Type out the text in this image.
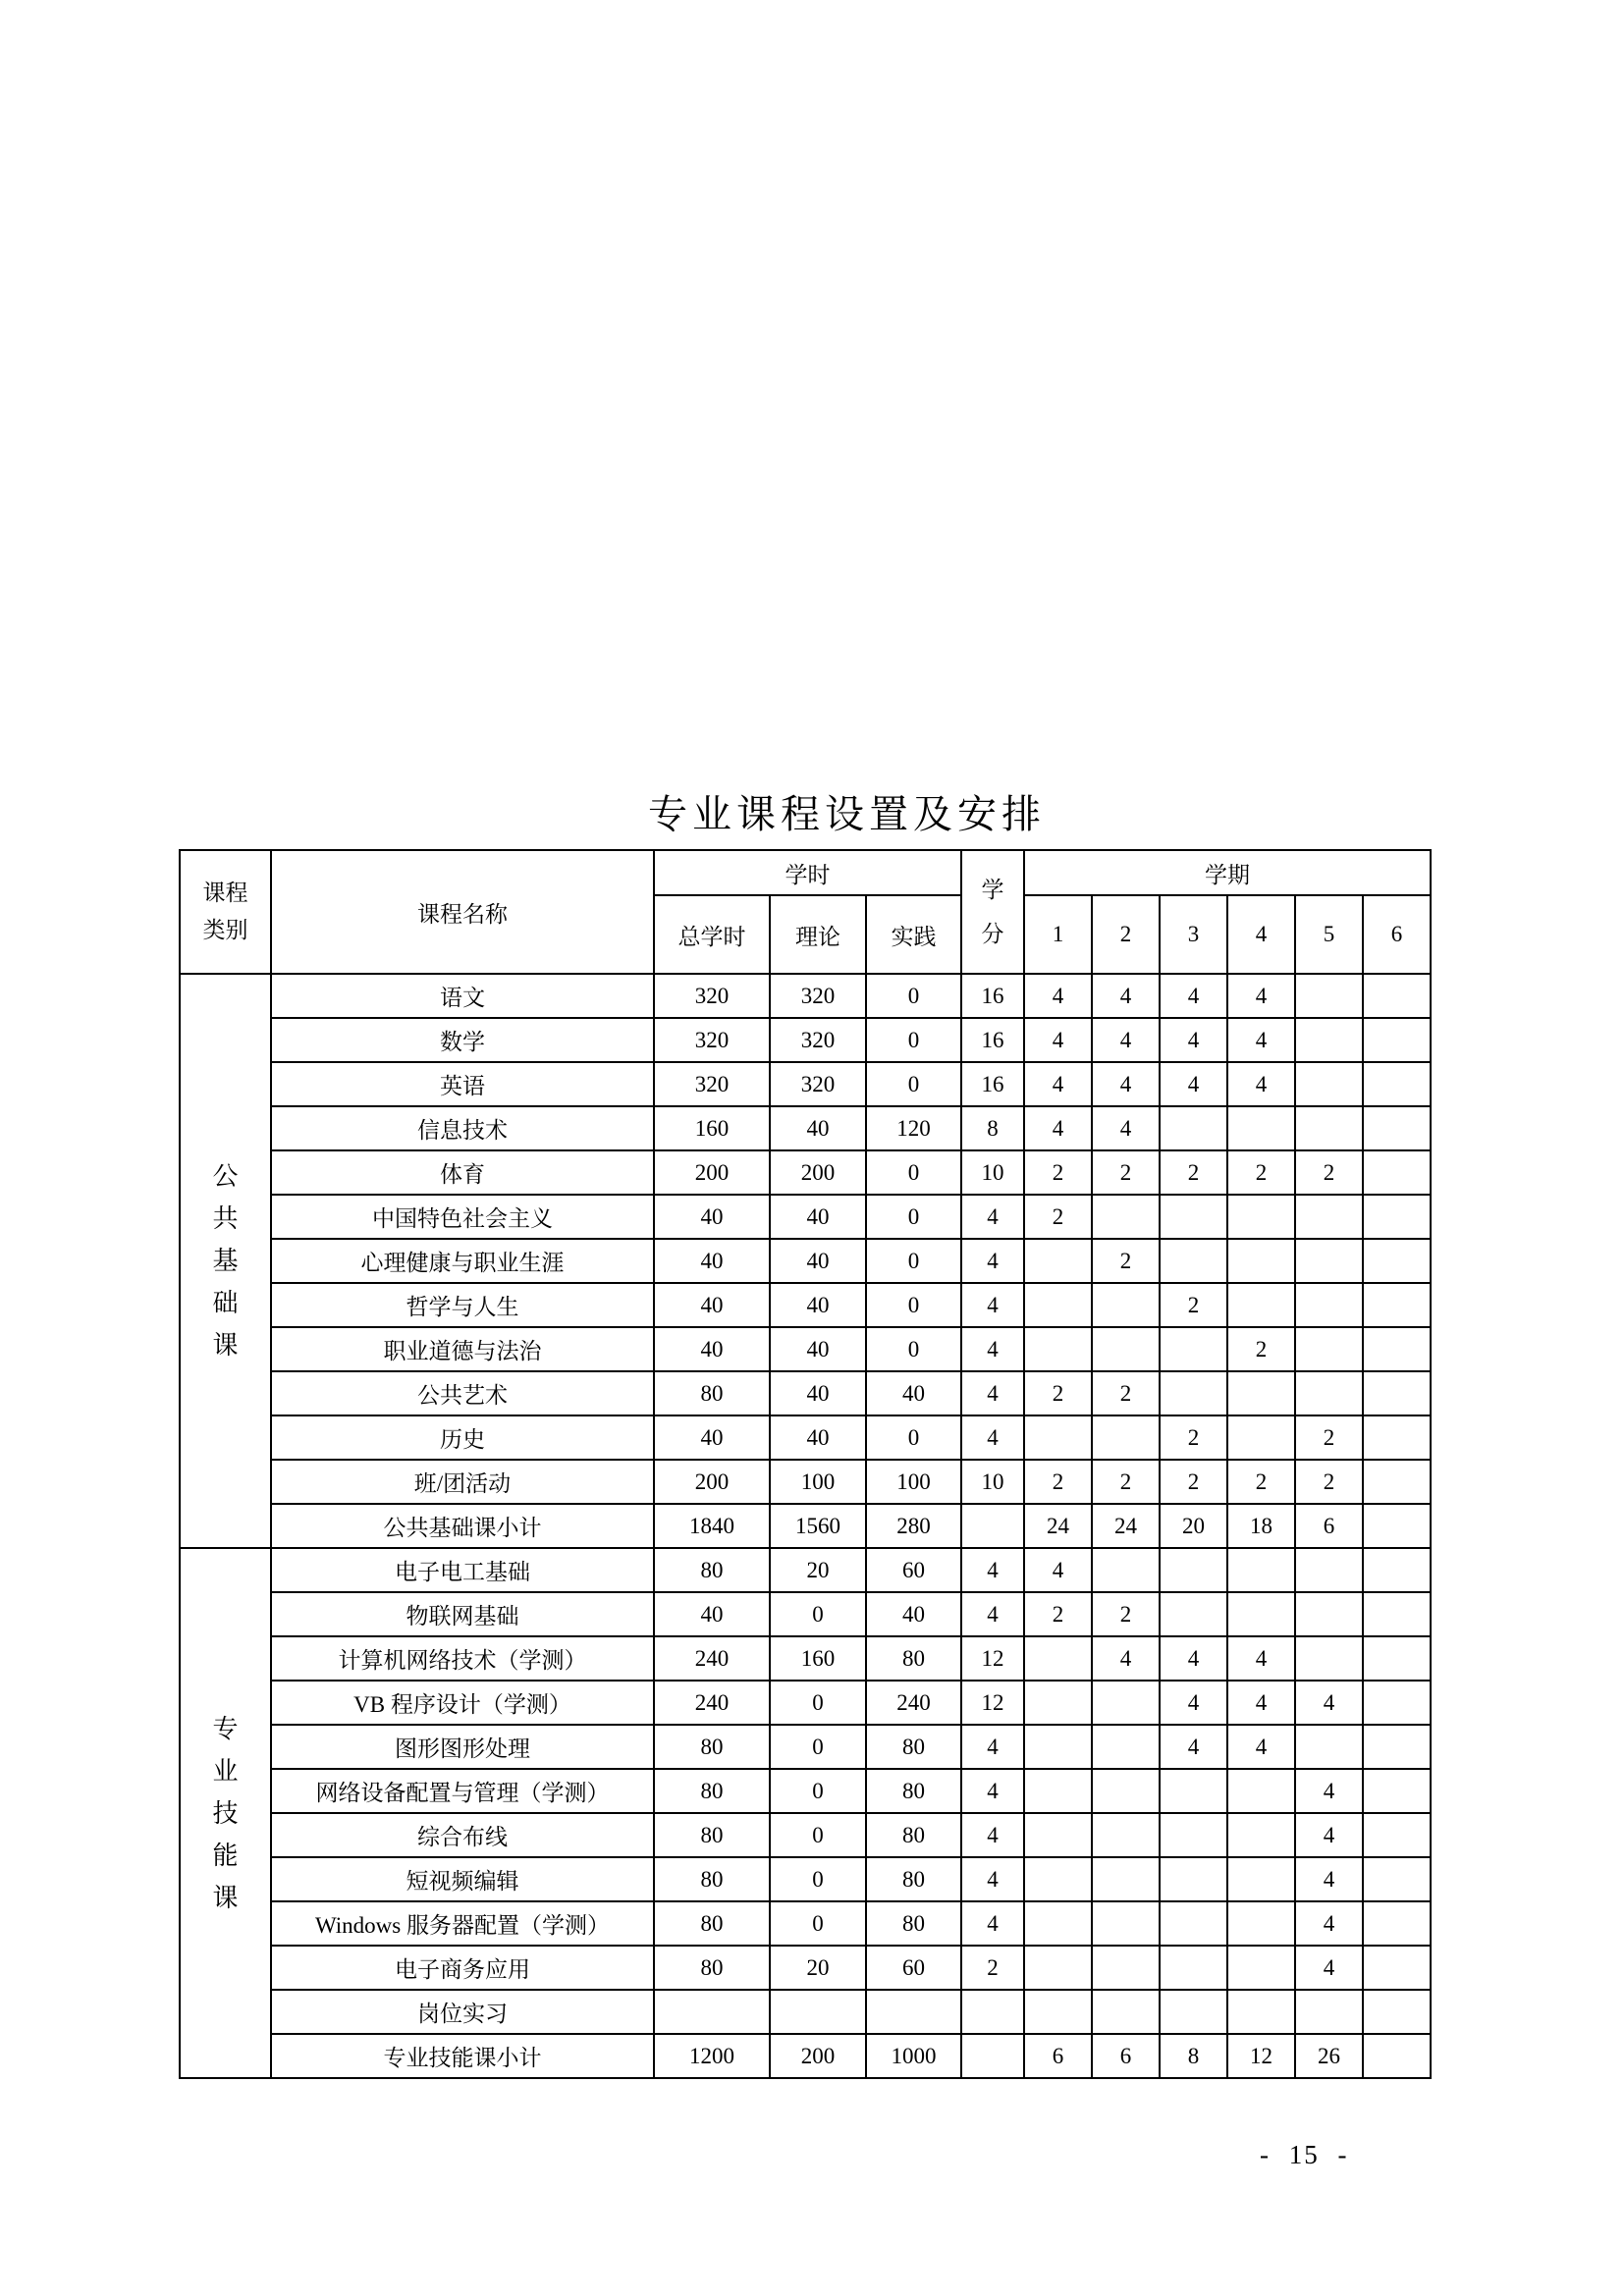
专业课程设置及安排
课程
类别
	课程名称	学时	
学
分
	学期
		总学时	理论	实践		1	2	3	4	5	6

公
共
基
础
课	语文	320	320	0	16	4	4	4	4		
	数学	320	320	0	16	4	4	4	4		
	英语	320	320	0	16	4	4	4	4		
	信息技术	160	40	120	8	4	4				
	体育	200	200	0	10	2	2	2	2	2	
	中国特色社会主义	40	40	0	4	2					
	心理健康与职业生涯	40	40	0	4		2				
	哲学与人生	40	40	0	4			2			
	职业道德与法治	40	40	0	4				2		
	公共艺术	80	40	40	4	2	2				
	历史	40	40	0	4			2		2	
	班/团活动	200	100	100	10	2	2	2	2	2	
	公共基础课小计	1840	1560	280		24	24	20	18	6	

专
业
技
能
课	电子电工基础	80	20	60	4	4					
	物联网基础	40	0	40	4	2	2				
	计算机网络技术（学测）	240	160	80	12		4	4	4		
	VB 程序设计（学测）	240	0	240	12			4	4	4	
	图形图形处理	80	0	80	4			4	4		
	网络设备配置与管理（学测）	80	0	80	4					4	
	综合布线	80	0	80	4					4	
	短视频编辑	80	0	80	4					4	
	Windows 服务器配置（学测）	80	0	80	4					4	
	电子商务应用	80	20	60	2					4	
	岗位实习										
	专业技能课小计	1200	200	1000		6	6	8	12	26	
- 15 -
